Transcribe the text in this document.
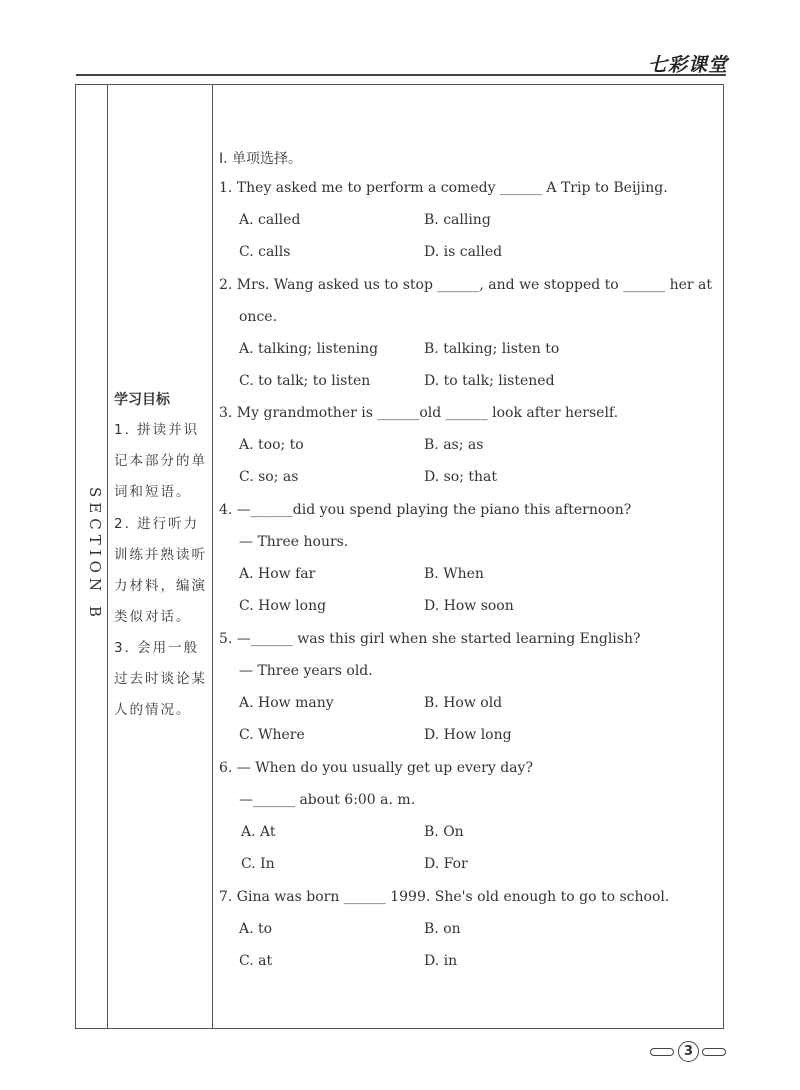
七彩课堂
SECTION B
学习目标
1. 拼读并识记本部分的单词和短语。
2. 进行听力训练并熟读听力材料，编演类似对话。
3. 会用一般过去时谈论某人的情况。
Ⅰ. 单项选择。
1. They asked me to perform a comedy ______ A Trip to Beijing.
A. called	B. calling
C. calls	D. is called
2. Mrs. Wang asked us to stop ______, and we stopped to ______ her at
once.
A. talking; listening	B. talking; listen to
C. to talk; to listen	D. to talk; listened
3. My grandmother is ______old ______ look after herself.
A. too; to	B. as; as
C. so; as	D. so; that
4. —______did you spend playing the piano this afternoon?
— Three hours.
A. How far	B. When
C. How long	D. How soon
5. —______ was this girl when she started learning English?
— Three years old.
A. How many	B. How old
C. Where	D. How long
6. — When do you usually get up every day?
—______ about 6:00 a. m.
A. At	B. On
C. In	D. For
7. Gina was born ______ 1999. She's old enough to go to school.
A. to	B. on
C. at	D. in
3
